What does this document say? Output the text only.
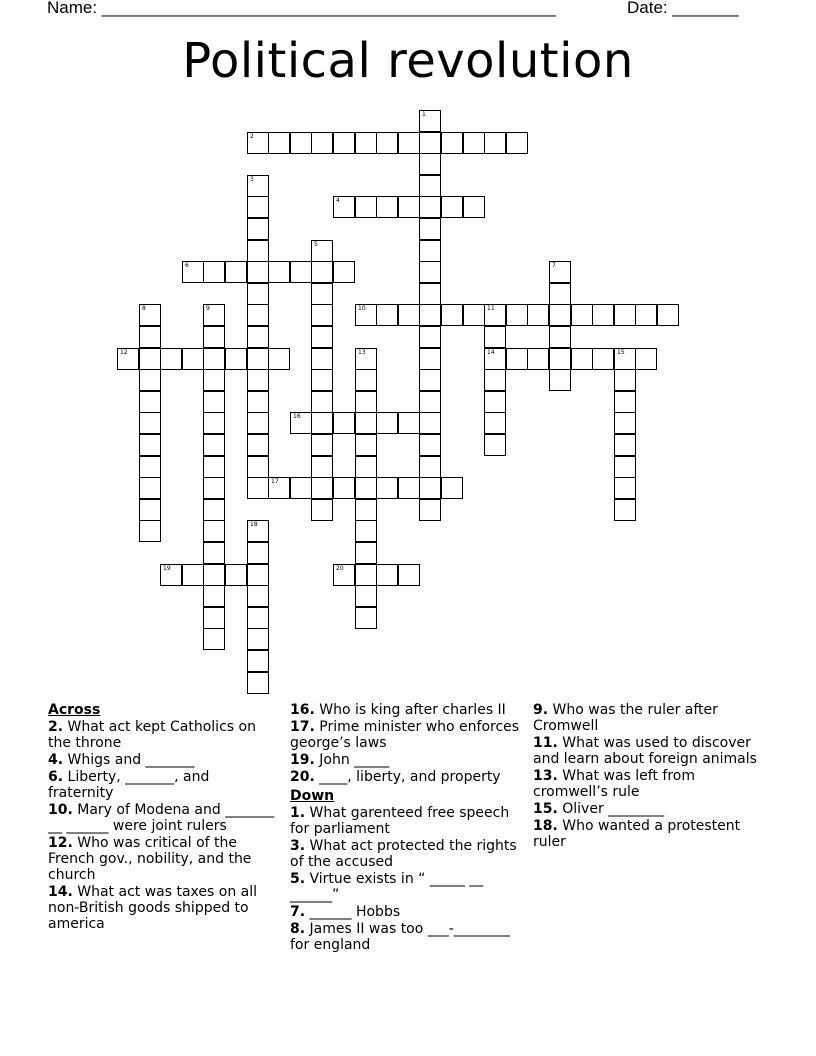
Name: ________________________________________________	Date: _______
Political revolution
1
2
3
4
5
6	7
8	9	10	11
14
12	13	15
16
17
18
19	20
Across
2. What act kept Catholics on the throne
4. Whigs and _______
6. Liberty, _______, and fraternity
10. Mary of Modena and _______ __ ______ were joint rulers
12. Who was critical of the French gov., nobility, and the church
14. What act was taxes on all non-British goods shipped to america
16. Who is king after charles II
17. Prime minister who enforces george’s laws
19. John _____
20. ____, liberty, and property
Down
1. What garenteed free speech for parliament
3. What act protected the rights of the accused
5. Virtue exists in “ _____ __ ______”
7. ______ Hobbs
8. James II was too ___-________ for england
9. Who was the ruler after Cromwell
11. What was used to discover and learn about foreign animals
13. What was left from cromwell’s rule
15. Oliver ________
18. Who wanted a protestent ruler
